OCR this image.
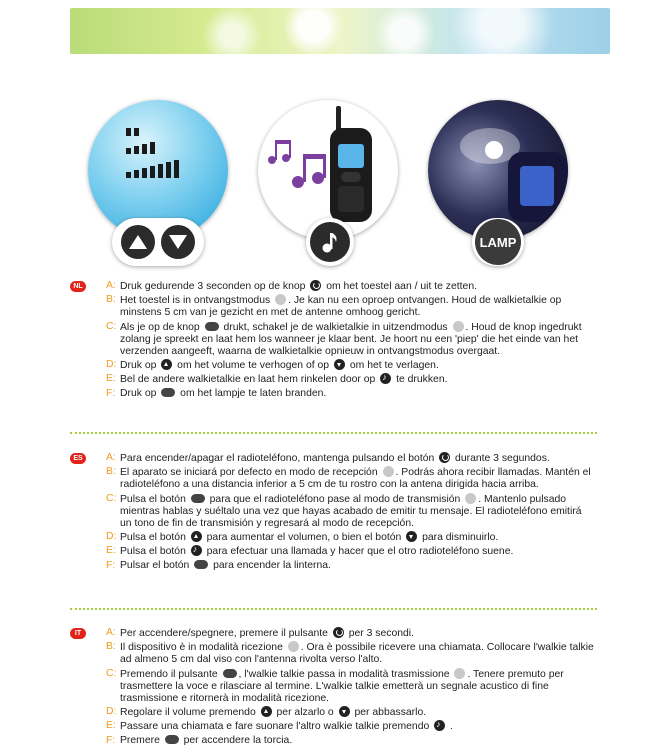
LAMP
NL	A: Druk gedurende 3 seconden op de knop om het toestel aan / uit te zetten.
B: Het toestel is in ontvangstmodus . Je kan nu een oproep ontvangen. Houd de walkietalkie op minstens 5 cm van je gezicht en met de antenne omhoog gericht.
C: Als je op de knop drukt, schakel je de walkietalkie in uitzendmodus . Houd de knop ingedrukt zolang je spreekt en laat hem los wanneer je klaar bent. Je hoort nu een 'piep' die het einde van het verzenden aangeeft, waarna de walkietalkie opnieuw in ontvangstmodus overgaat.
D: Druk op om het volume te verhogen of op om het te verlagen.
E: Bel de andere walkietalkie en laat hem rinkelen door op ♪ te drukken.
F: Druk op om het lampje te laten branden.
ES	A: Para encender/apagar el radioteléfono, mantenga pulsando el botón durante 3 segundos.
B: El aparato se iniciará por defecto en modo de recepción . Podrás ahora recibir llamadas. Mantén el radioteléfono a una distancia inferior a 5 cm de tu rostro con la antena dirigida hacia arriba.
C: Pulsa el botón para que el radioteléfono pase al modo de transmisión . Mantenlo pulsado mientras hablas y suéltalo una vez que hayas acabado de emitir tu mensaje. El radioteléfono emitirá un tono de fin de transmisión y regresará al modo de recepción.
D: Pulsa el botón para aumentar el volumen, o bien el botón para disminuirlo.
E: Pulsa el botón ♪ para efectuar una llamada y hacer que el otro radioteléfono suene.
F: Pulsar el botón para encender la linterna.
IT	A: Per accendere/spegnere, premere il pulsante per 3 secondi.
B: Il dispositivo è in modalità ricezione . Ora è possibile ricevere una chiamata. Collocare l'walkie talkie ad almeno 5 cm dal viso con l'antenna rivolta verso l'alto.
C: Premendo il pulsante , l'walkie talkie passa in modalità trasmissione . Tenere premuto per trasmettere la voce e rilasciare al termine. L'walkie talkie emetterà un segnale acustico di fine trasmissione e ritornerà in modalità ricezione.
D: Regolare il volume premendo per alzarlo o per abbassarlo.
E: Passare una chiamata e fare suonare l'altro walkie talkie premendo ♪ .
F: Premere per accendere la torcia.
